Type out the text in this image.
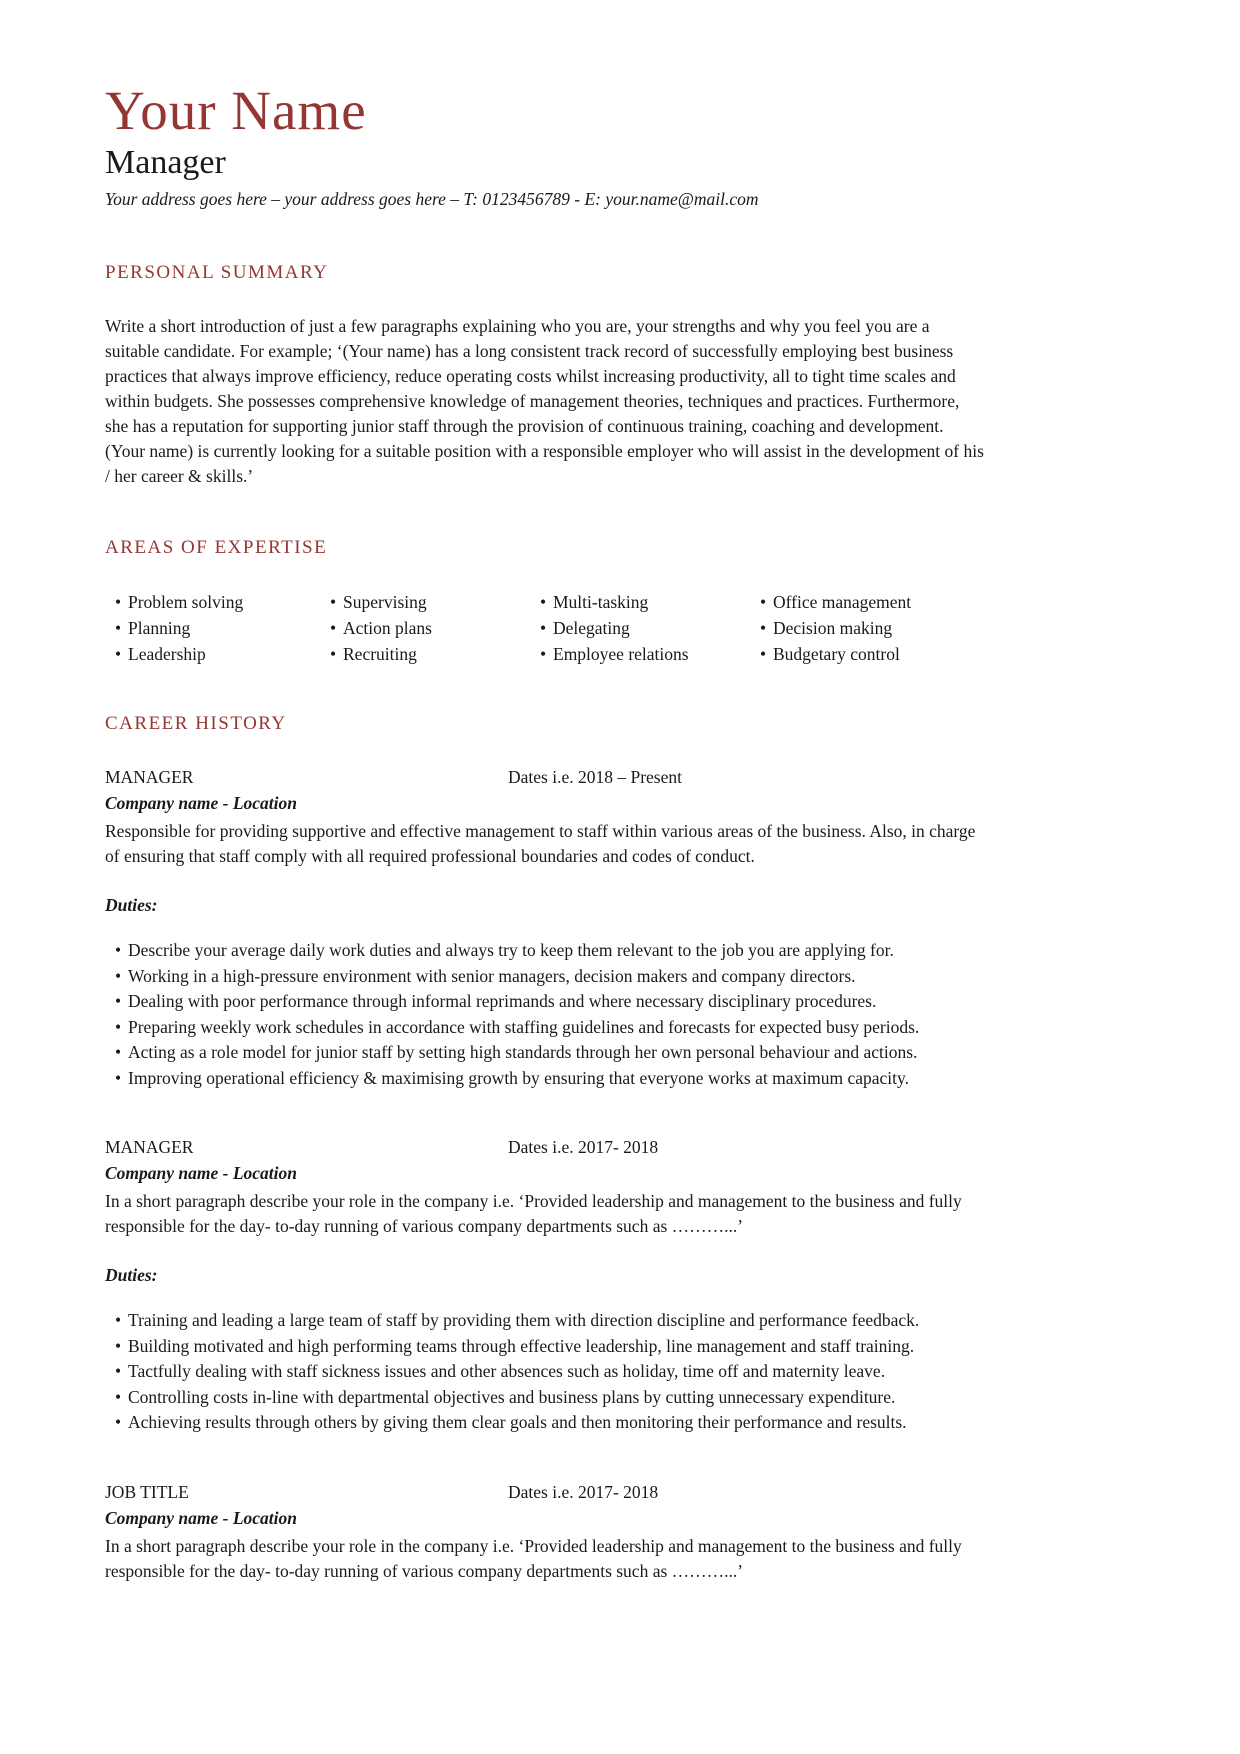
Your Name
Manager

Your address goes here – your address goes here – T: 0123456789 - E: your.name@mail.com

PERSONAL SUMMARY

Write a short introduction of just a few paragraphs explaining who you are, your strengths and why you feel you are a suitable candidate. For example; ‘(Your name) has a long consistent track record of successfully employing best business practices that always improve efficiency, reduce operating costs whilst increasing productivity, all to tight time scales and within budgets. She possesses comprehensive knowledge of management theories, techniques and practices. Furthermore, she has a reputation for supporting junior staff through the provision of continuous training, coaching and development. (Your name) is currently looking for a suitable position with a responsible employer who will assist in the development of his / her career & skills.’

AREAS OF EXPERTISE
• Problem solving
• Planning
• Leadership
• Supervising
• Action plans
• Recruiting
• Multi-tasking
• Delegating
• Employee relations
• Office management
• Decision making
• Budgetary control
CAREER HISTORY
MANAGER	Dates i.e. 2018 – Present

Company name - Location

Responsible for providing supportive and effective management to staff within various areas of the business. Also, in charge of ensuring that staff comply with all required professional boundaries and codes of conduct.

Duties:

• Describe your average daily work duties and always try to keep them relevant to the job you are applying for.
• Working in a high-pressure environment with senior managers, decision makers and company directors.
• Dealing with poor performance through informal reprimands and where necessary disciplinary procedures.
• Preparing weekly work schedules in accordance with staffing guidelines and forecasts for expected busy periods.
• Acting as a role model for junior staff by setting high standards through her own personal behaviour and actions.
• Improving operational efficiency & maximising growth by ensuring that everyone works at maximum capacity.
MANAGER	Dates i.e. 2017- 2018

Company name - Location

In a short paragraph describe your role in the company i.e. ‘Provided leadership and management to the business and fully responsible for the day- to-day running of various company departments such as ………...’

Duties:

• Training and leading a large team of staff by providing them with direction discipline and performance feedback.
• Building motivated and high performing teams through effective leadership, line management and staff training.
• Tactfully dealing with staff sickness issues and other absences such as holiday, time off and maternity leave.
• Controlling costs in-line with departmental objectives and business plans by cutting unnecessary expenditure.
• Achieving results through others by giving them clear goals and then monitoring their performance and results.
JOB TITLE	Dates i.e. 2017- 2018

Company name - Location

In a short paragraph describe your role in the company i.e. ‘Provided leadership and management to the business and fully responsible for the day- to-day running of various company departments such as ………...’
